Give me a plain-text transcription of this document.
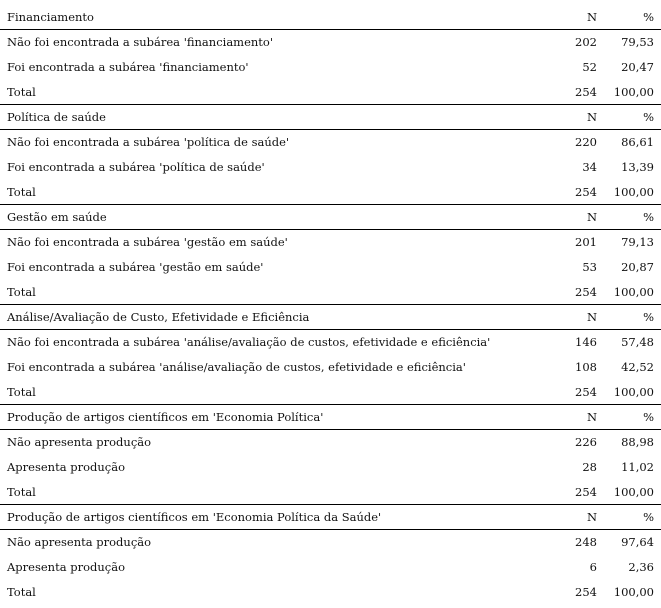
Financiamento	N	%
Não foi encontrada a subárea 'financiamento'	202 79,53
Foi encontrada a subárea 'financiamento'	52 20,47
Total	254 100,00
Política de saúde	N	%
Não foi encontrada a subárea 'política de saúde'	220 86,61
Foi encontrada a subárea 'política de saúde'	34 13,39
Total	254 100,00
Gestão em saúde	N	%
Não foi encontrada a subárea 'gestão em saúde'	201 79,13
Foi encontrada a subárea 'gestão em saúde'	53 20,87
Total	254 100,00
Análise/Avaliação de Custo, Efetividade e Eficiência	N	%
Não foi encontrada a subárea 'análise/avaliação de custos, efetividade e eficiência'	146 57,48
Foi encontrada a subárea 'análise/avaliação de custos, efetividade e eficiência'	108 42,52
Total	254 100,00
Produção de artigos científicos em 'Economia Política'	N	%
Não apresenta produção	226 88,98
Apresenta produção	28 11,02
Total	254 100,00
Produção de artigos científicos em 'Economia Política da Saúde'	N	%
Não apresenta produção	248 97,64
Apresenta produção	6	2,36
Total	254 100,00
